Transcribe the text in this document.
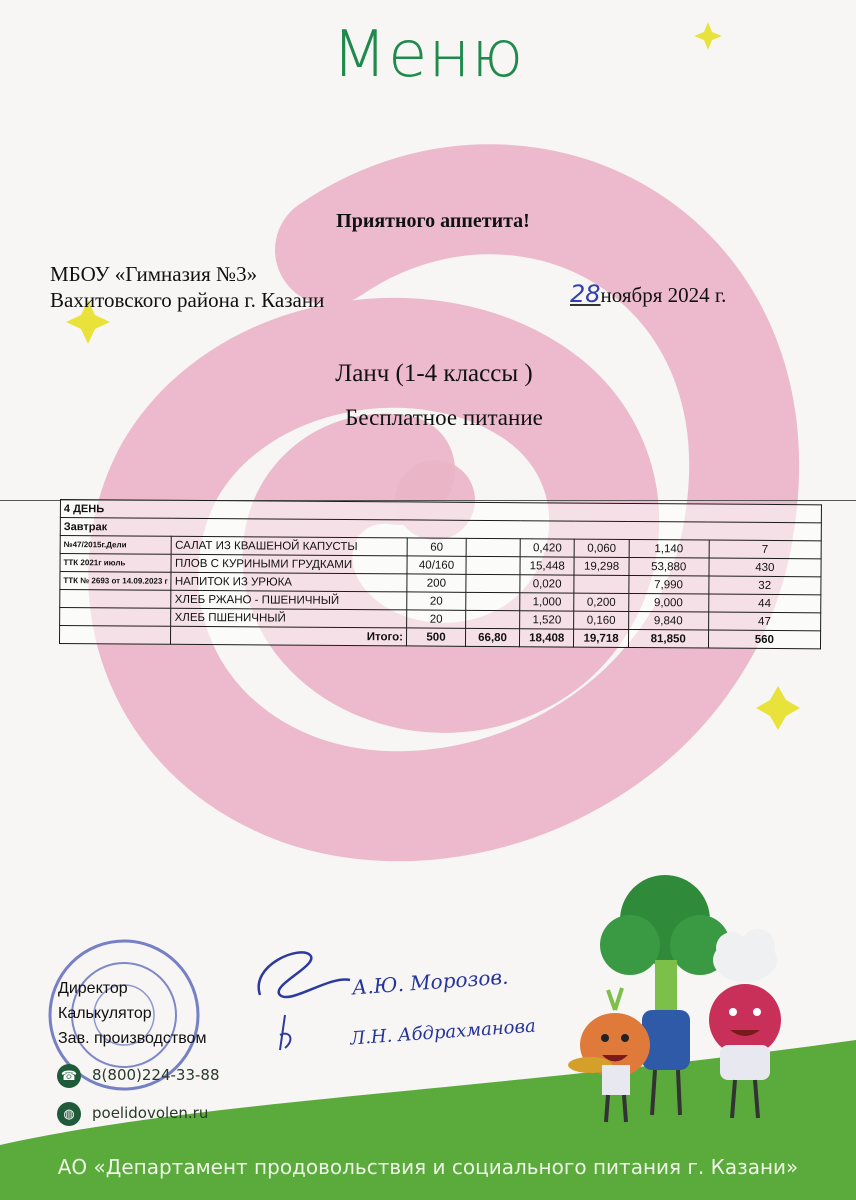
Меню
Приятного аппетита!
МБОУ «Гимназия №3»
Вахитовского района г. Казани	28ноября 2024 г.
Ланч (1-4 классы )
Бесплатное питание
4 ДЕНЬ							
Завтрак							
№47/2015г.Дели	САЛАТ ИЗ КВАШЕНОЙ КАПУСТЫ	60		0,420	0,060	1,140	7
ТТК 2021г июль	ПЛОВ С КУРИНЫМИ ГРУДКАМИ	40/160		15,448	19,298	53,880	430
ТТК № 2693 от 14.09.2023 г	НАПИТОК ИЗ УРЮКА	200		0,020		7,990	32
	ХЛЕБ РЖАНО - ПШЕНИЧНЫЙ	20		1,000	0,200	9,000	44
	ХЛЕБ ПШЕНИЧНЫЙ	20		1,520	0,160	9,840	47
	Итого:	500	66,80	18,408	19,718	81,850	560
А.Ю. Морозов.
Л.Н. Абдрахманова
Директор
Калькулятор
Зав. производством
☎ 8(800)224-33-88
◍	poelidovolen.ru
АО «Департамент продовольствия и социального питания г. Казани»
